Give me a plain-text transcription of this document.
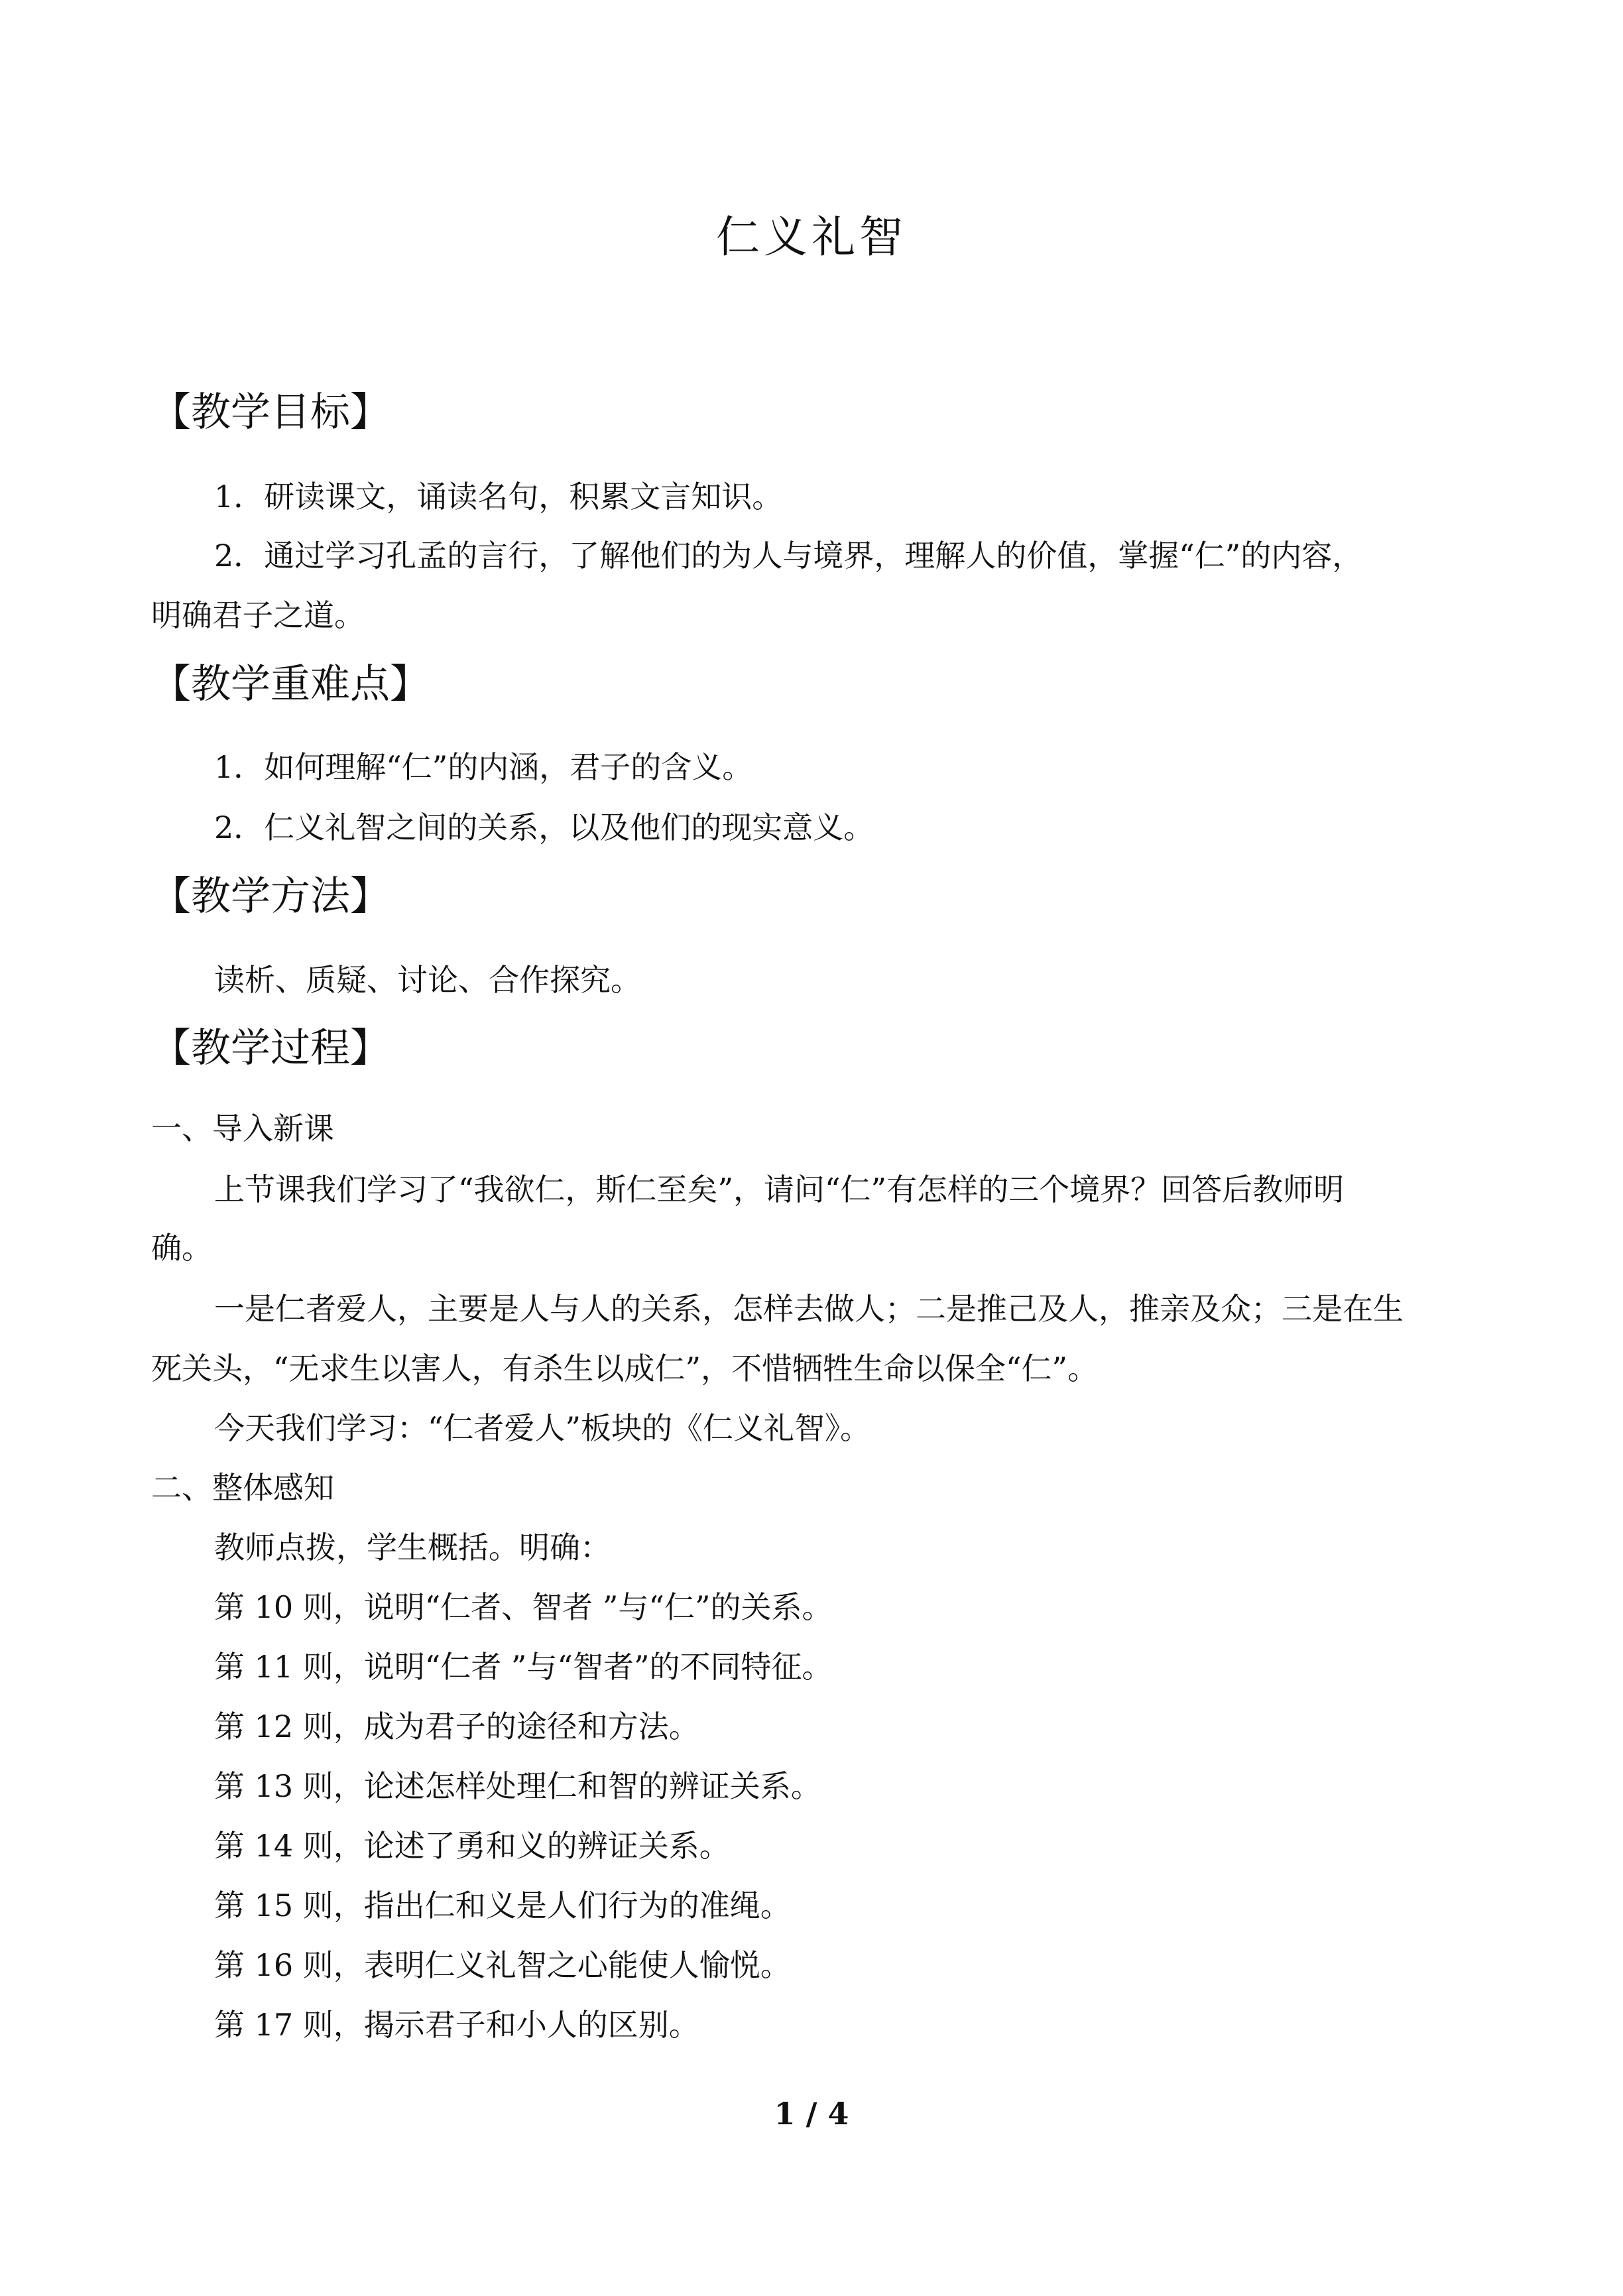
仁义礼智
【教学目标】
1．研读课文，诵读名句，积累文言知识。
2．通过学习孔孟的言行，了解他们的为人与境界，理解人的价值，掌握“仁”的内容，
明确君子之道。
【教学重难点】
1．如何理解“仁”的内涵，君子的含义。
2．仁义礼智之间的关系，以及他们的现实意义。
【教学方法】
读析、质疑、讨论、合作探究。
【教学过程】
一、导入新课
上节课我们学习了“我欲仁，斯仁至矣”，请问“仁”有怎样的三个境界？回答后教师明
确。
一是仁者爱人，主要是人与人的关系，怎样去做人；二是推己及人，推亲及众；三是在生
死关头，“无求生以害人，有杀生以成仁”，不惜牺牲生命以保全“仁”。
今天我们学习：“仁者爱人”板块的《仁义礼智》。
二、整体感知
教师点拨，学生概括。明确：
第 10 则，说明“仁者、智者 ”与“仁”的关系。
第 11 则，说明“仁者 ”与“智者”的不同特征。
第 12 则，成为君子的途径和方法。
第 13 则，论述怎样处理仁和智的辨证关系。
第 14 则，论述了勇和义的辨证关系。
第 15 则，指出仁和义是人们行为的准绳。
第 16 则，表明仁义礼智之心能使人愉悦。
第 17 则，揭示君子和小人的区别。
1 / 4
